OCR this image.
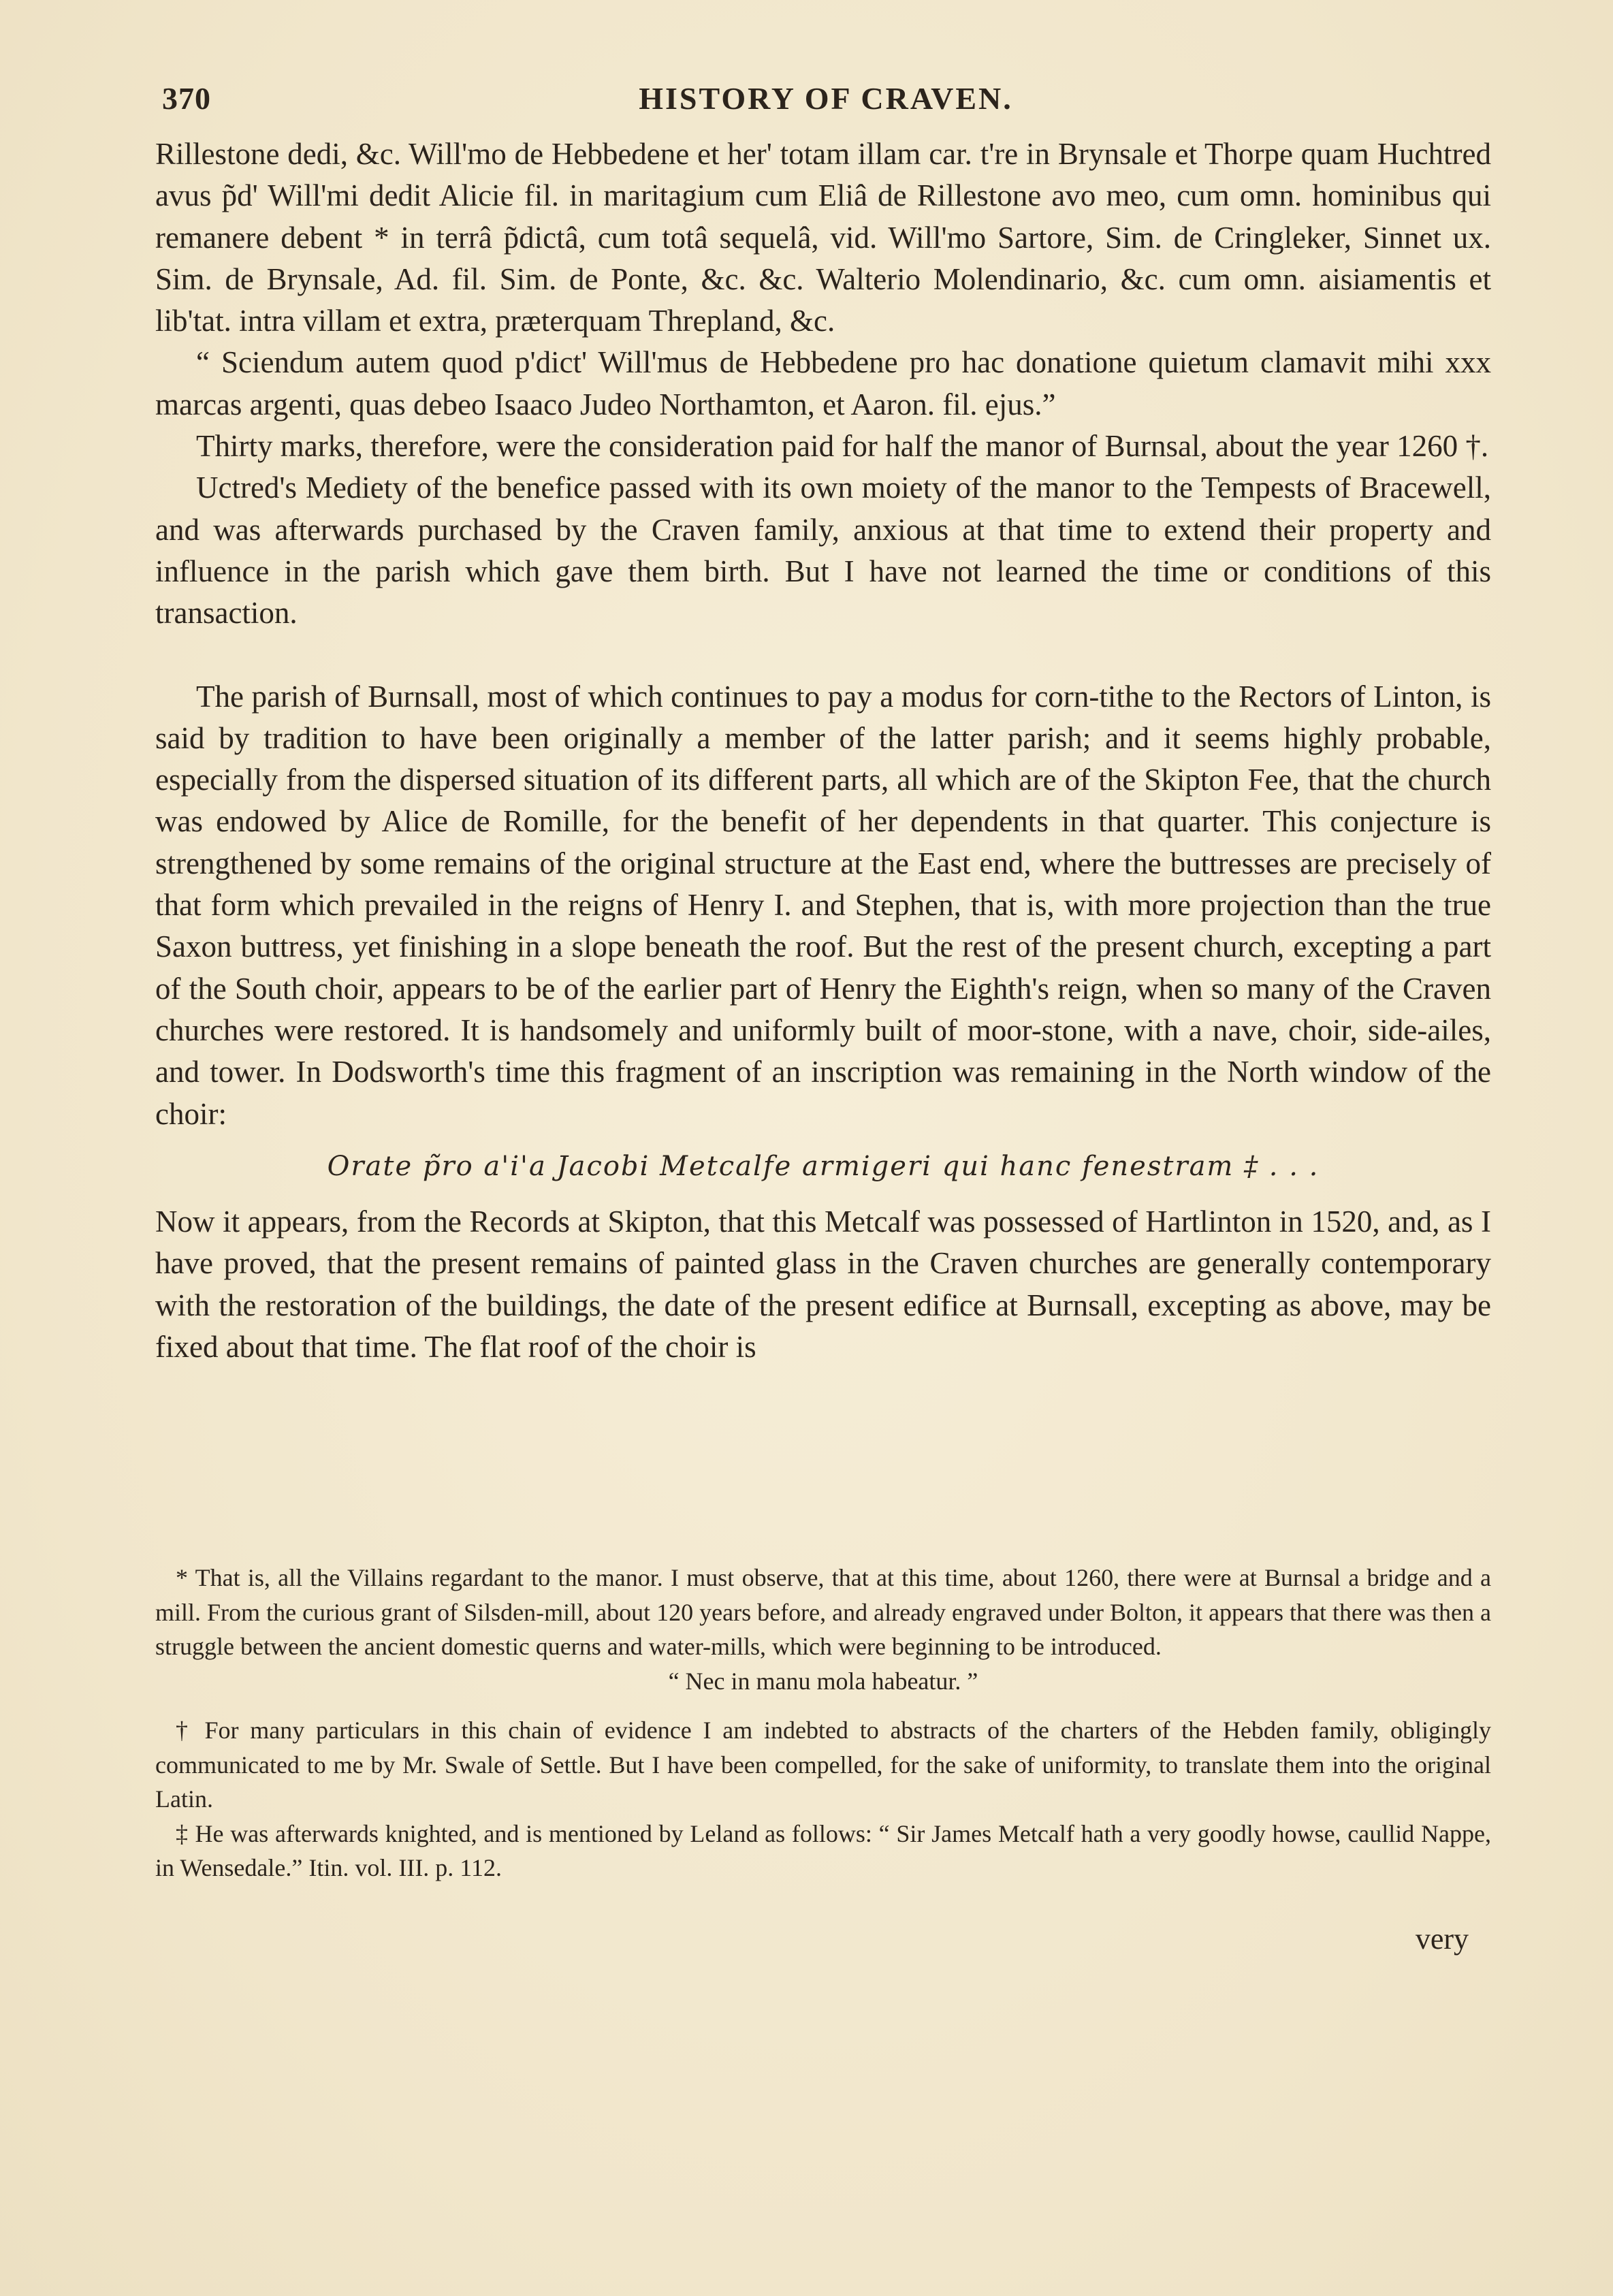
370	HISTORY OF CRAVEN.

Rillestone dedi, &c. Will'mo de Hebbedene et her' totam illam car. t're in Brynsale et Thorpe quam Huchtred avus p̃d' Will'mi dedit Alicie fil. in maritagium cum Eliâ de Rillestone avo meo, cum omn. hominibus qui remanere debent * in terrâ p̃dictâ, cum totâ sequelâ, vid. Will'mo Sartore, Sim. de Cringleker, Sinnet ux. Sim. de Brynsale, Ad. fil. Sim. de Ponte, &c. &c. Walterio Molendinario, &c. cum omn. aisiamentis et lib'tat. intra villam et extra, præterquam Threpland, &c.

“ Sciendum autem quod p'dict' Will'mus de Hebbedene pro hac donatione quietum clamavit mihi xxx marcas argenti, quas debeo Isaaco Judeo Northamton, et Aaron. fil. ejus.”

Thirty marks, therefore, were the consideration paid for half the manor of Burnsal, about the year 1260 †.

Uctred's Mediety of the benefice passed with its own moiety of the manor to the Tempests of Bracewell, and was afterwards purchased by the Craven family, anxious at that time to extend their property and influence in the parish which gave them birth. But I have not learned the time or conditions of this transaction.

The parish of Burnsall, most of which continues to pay a modus for corn-tithe to the Rectors of Linton, is said by tradition to have been originally a member of the latter parish; and it seems highly probable, especially from the dispersed situation of its different parts, all which are of the Skipton Fee, that the church was endowed by Alice de Romille, for the benefit of her dependents in that quarter. This conjecture is strengthened by some remains of the original structure at the East end, where the buttresses are precisely of that form which prevailed in the reigns of Henry I. and Stephen, that is, with more projection than the true Saxon buttress, yet finishing in a slope beneath the roof. But the rest of the present church, excepting a part of the South choir, appears to be of the earlier part of Henry the Eighth's reign, when so many of the Craven churches were restored. It is handsomely and uniformly built of moor-stone, with a nave, choir, side-ailes, and tower. In Dodsworth's time this fragment of an inscription was remaining in the North window of the choir:

Orate p̃ro a'i'a Jacobi Metcalfe armigeri qui hanc fenestram ‡ . . .

Now it appears, from the Records at Skipton, that this Metcalf was possessed of Hartlinton in 1520, and, as I have proved, that the present remains of painted glass in the Craven churches are generally contemporary with the restoration of the buildings, the date of the present edifice at Burnsall, excepting as above, may be fixed about that time. The flat roof of the choir is

* That is, all the Villains regardant to the manor. I must observe, that at this time, about 1260, there were at Burnsal a bridge and a mill. From the curious grant of Silsden-mill, about 120 years before, and already engraved under Bolton, it appears that there was then a struggle between the ancient domestic querns and water-mills, which were beginning to be introduced.

“ Nec in manu mola habeatur. ”

† For many particulars in this chain of evidence I am indebted to abstracts of the charters of the Hebden family, obligingly communicated to me by Mr. Swale of Settle. But I have been compelled, for the sake of uniformity, to translate them into the original Latin.

‡ He was afterwards knighted, and is mentioned by Leland as follows: “ Sir James Metcalf hath a very goodly howse, caullid Nappe, in Wensedale.” Itin. vol. III. p. 112.

very
